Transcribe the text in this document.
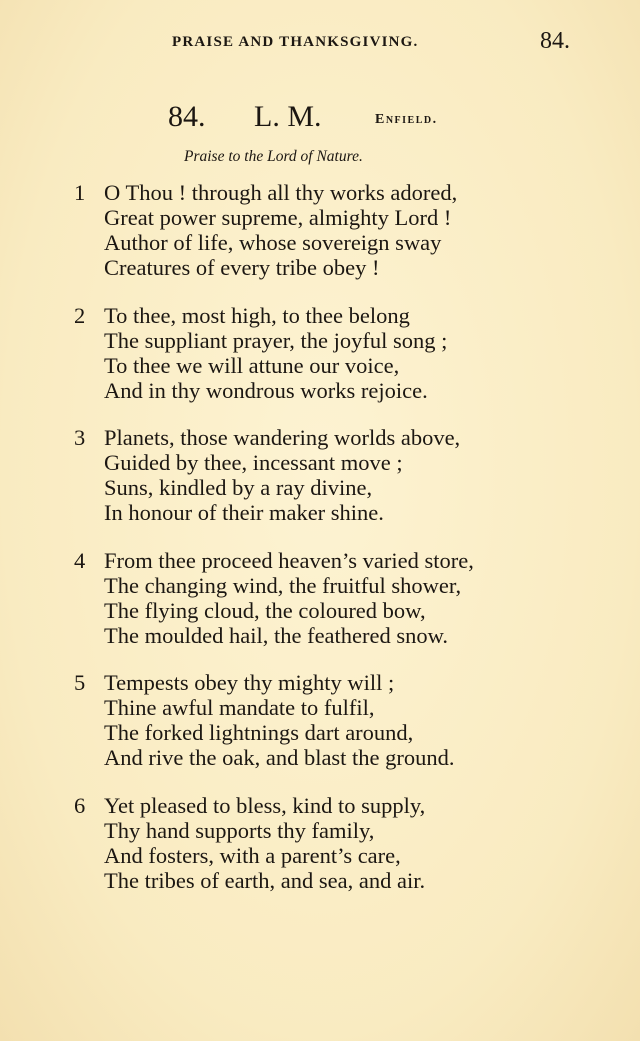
PRAISE AND THANKSGIVING.	84.
84. L. M.	Enfield.
Praise to the Lord of Nature.
1 O Thou ! through all thy works adored,
Great power supreme, almighty Lord !
Author of life, whose sovereign sway
Creatures of every tribe obey !
2 To thee, most high, to thee belong
The suppliant prayer, the joyful song ;
To thee we will attune our voice,
And in thy wondrous works rejoice.
3 Planets, those wandering worlds above,
Guided by thee, incessant move ;
Suns, kindled by a ray divine,
In honour of their maker shine.
4 From thee proceed heaven’s varied store,
The changing wind, the fruitful shower,
The flying cloud, the coloured bow,
The moulded hail, the feathered snow.
5 Tempests obey thy mighty will ;
Thine awful mandate to fulfil,
The forked lightnings dart around,
And rive the oak, and blast the ground.
6 Yet pleased to bless, kind to supply,
Thy hand supports thy family,
And fosters, with a parent’s care,
The tribes of earth, and sea, and air.
